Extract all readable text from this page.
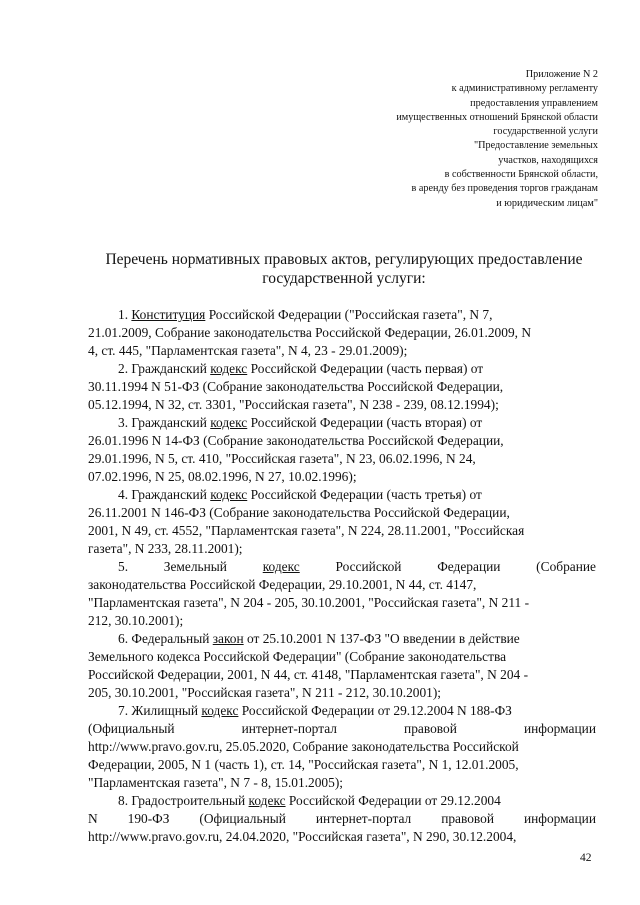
Приложение N 2
к административному регламенту
предоставления управлением
имущественных отношений Брянской области
государственной услуги
"Предоставление земельных
участков, находящихся
в собственности Брянской области,
в аренду без проведения торгов гражданам
и юридическим лицам"
Перечень нормативных правовых актов, регулирующих предоставление
государственной услуги:
1. Конституция Российской Федерации ("Российская газета", N 7,
21.01.2009, Собрание законодательства Российской Федерации, 26.01.2009, N
4, ст. 445, "Парламентская газета", N 4, 23 - 29.01.2009);
2. Гражданский кодекс Российской Федерации (часть первая) от
30.11.1994 N 51-ФЗ (Собрание законодательства Российской Федерации,
05.12.1994, N 32, ст. 3301, "Российская газета", N 238 - 239, 08.12.1994);
3. Гражданский кодекс Российской Федерации (часть вторая) от
26.01.1996 N 14-ФЗ (Собрание законодательства Российской Федерации,
29.01.1996, N 5, ст. 410, "Российская газета", N 23, 06.02.1996, N 24,
07.02.1996, N 25, 08.02.1996, N 27, 10.02.1996);
4. Гражданский кодекс Российской Федерации (часть третья) от
26.11.2001 N 146-ФЗ (Собрание законодательства Российской Федерации,
2001, N 49, ст. 4552, "Парламентская газета", N 224, 28.11.2001, "Российская
газета", N 233, 28.11.2001);
5. Земельный кодекс Российской Федерации (Собрание
законодательства Российской Федерации, 29.10.2001, N 44, ст. 4147,
"Парламентская газета", N 204 - 205, 30.10.2001, "Российская газета", N 211 -
212, 30.10.2001);
6. Федеральный закон от 25.10.2001 N 137-ФЗ "О введении в действие
Земельного кодекса Российской Федерации" (Собрание законодательства
Российской Федерации, 2001, N 44, ст. 4148, "Парламентская газета", N 204 -
205, 30.10.2001, "Российская газета", N 211 - 212, 30.10.2001);
7. Жилищный кодекс Российской Федерации от 29.12.2004 N 188-ФЗ
(Официальный интернет-портал правовой информации
http://www.pravo.gov.ru, 25.05.2020, Собрание законодательства Российской
Федерации, 2005, N 1 (часть 1), ст. 14, "Российская газета", N 1, 12.01.2005,
"Парламентская газета", N 7 - 8, 15.01.2005);
8. Градостроительный кодекс Российской Федерации от 29.12.2004
N 190-ФЗ (Официальный интернет-портал правовой информации
http://www.pravo.gov.ru, 24.04.2020, "Российская газета", N 290, 30.12.2004,
42
